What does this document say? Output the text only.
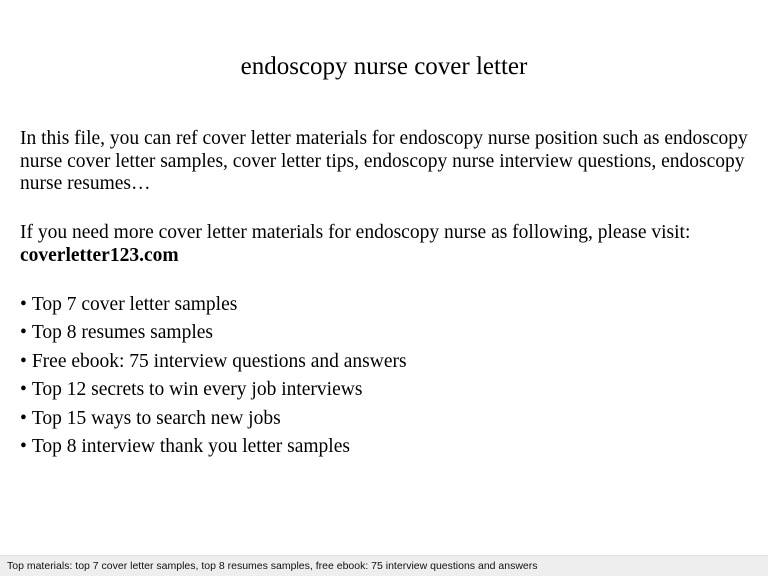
endoscopy nurse cover letter

In this file, you can ref cover letter materials for endoscopy nurse position such as endoscopy nurse cover letter samples, cover letter tips, endoscopy nurse interview questions, endoscopy nurse resumes…

If you need more cover letter materials for endoscopy nurse as following, please visit: coverletter123.com

• Top 7 cover letter samples
• Top 8 resumes samples
• Free ebook: 75 interview questions and answers
• Top 12 secrets to win every job interviews
• Top 15 ways to search new jobs
• Top 8 interview thank you letter samples
Top materials: top 7 cover letter samples, top 8 resumes samples, free ebook: 75 interview questions and answers
